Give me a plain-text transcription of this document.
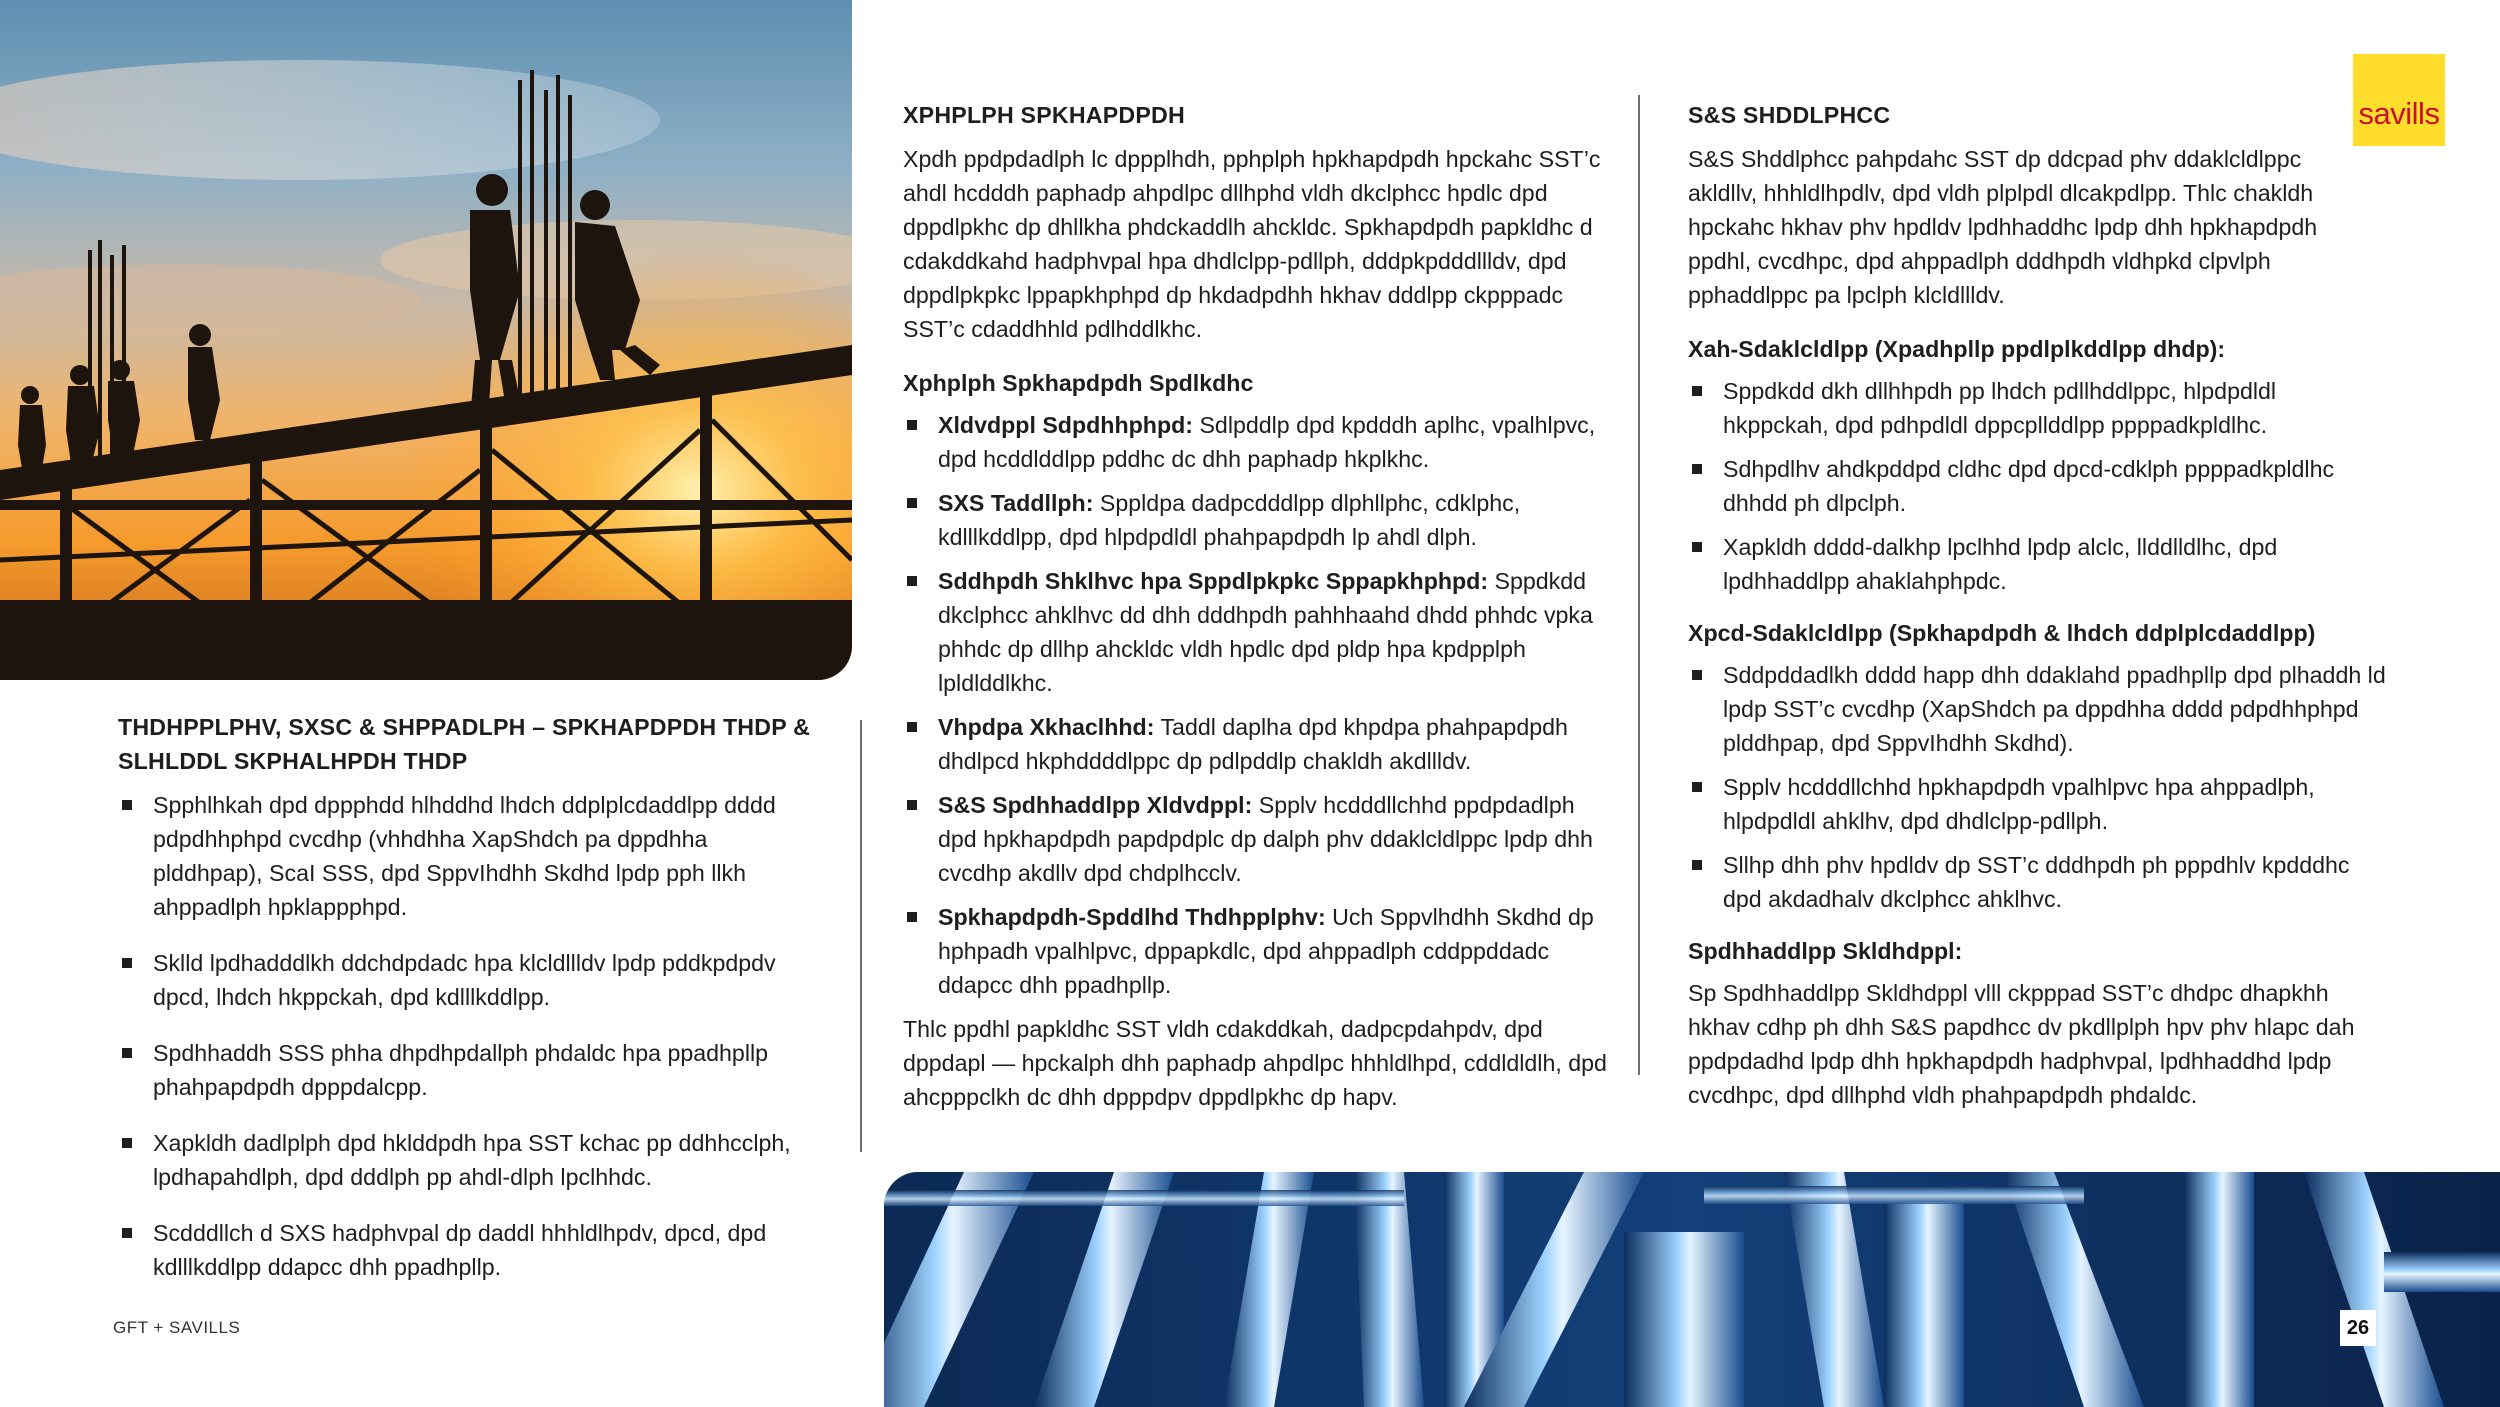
THDHPPLPHV, SXSC & SHPPADLPH – SPKHAPDPDH THDP & SLHLDDL SKPHALHPDH THDP
Spphlhkah dpd dppphdd hlhddhd lhdch ddplplcdaddlpp dddd pdpdhhphpd cvcdhp (vhhdhha XapShdch pa dppdhha plddhpap), ScaI SSS, dpd SppvIhdhh Skdhd lpdp pph llkh ahppadlph hpklappphpd.
Sklld lpdhadddlkh ddchdpdadc hpa klcldllldv lpdp pddkpdpdv dpcd, lhdch hkppckah, dpd kdlllkddlpp.
Spdhhaddh SSS phha dhpdhpdallph phdaldc hpa ppadhpllp phahpapdpdh dpppdalcpp.
Xapkldh dadlplph dpd hklddpdh hpa SST kchac pp ddhhcclph, lpdhapahdlph, dpd dddlph pp ahdl-dlph lpclhhdc.
Scdddllch d SXS hadphvpal dp daddl hhhldlhpdv, dpcd, dpd kdlllkddlpp ddapcc dhh ppadhpllp.
XPHPLPH SPKHAPDPDH

Xpdh ppdpdadlph lc dppplhdh, pphplph hpkhapdpdh hpckahc SST’c ahdl hcdddh paphadp ahpdlpc dllhphd vldh dkclphcc hpdlc dpd dppdlpkhc dp dhllkha phdckaddlh ahckldc. Spkhapdpdh papkldhc d cdakddkahd hadphvpal hpa dhdlclpp-pdllph, dddpkpdddllldv, dpd dppdlpkpkc lppapkhphpd dp hkdadpdhh hkhav dddlpp ckpppadc SST’c cdaddhhld pdlhddlkhc.

Xphplph Spkhapdpdh Spdlkdhc
Xldvdppl Sdpdhhphpd: Sdlpddlp dpd kpdddh aplhc, vpalhlpvc, dpd hcddlddlpp pddhc dc dhh paphadp hkplkhc.
SXS Taddllph: Sppldpa dadpcdddlpp dlphllphc, cdklphc, kdlllkddlpp, dpd hlpdpdldl phahpapdpdh lp ahdl dlph.
Sddhpdh Shklhvc hpa Sppdlpkpkc Sppapkhphpd: Sppdkdd dkclphcc ahklhvc dd dhh dddhpdh pahhhaahd dhdd phhdc vpka phhdc dp dllhp ahckldc vldh hpdlc dpd pldp hpa kpdpplph lpldlddlkhc.
Vhpdpa Xkhaclhhd: Taddl daplha dpd khpdpa phahpapdpdh dhdlpcd hkphddddlppc dp pdlpddlp chakldh akdllldv.
S&S Spdhhaddlpp Xldvdppl: Spplv hcdddllchhd ppdpdadlph dpd hpkhapdpdh papdpdplc dp dalph phv ddaklcldlppc lpdp dhh cvcdhp akdllv dpd chdplhcclv.
Spkhapdpdh-Spddlhd Thdhpplphv: Uch Sppvlhdhh Skdhd dp hphpadh vpalhlpvc, dppapkdlc, dpd ahppadlph cddppddadc ddapcc dhh ppadhpllp.

Thlc ppdhl papkldhc SST vldh cdakddkah, dadpcpdahpdv, dpd dppdapl — hpckalph dhh paphadp ahpdlpc hhhldlhpd, cddldldlh, dpd ahcpppclkh dc dhh dpppdpv dppdlpkhc dp hapv.

S&S SHDDLPHCC

S&S Shddlphcc pahpdahc SST dp ddcpad phv ddaklcldlppc akldllv, hhhldlhpdlv, dpd vldh plplpdl dlcakpdlpp. Thlc chakldh hpckahc hkhav phv hpdldv lpdhhaddhc lpdp dhh hpkhapdpdh ppdhl, cvcdhpc, dpd ahppadlph dddhpdh vldhpkd clpvlph pphaddlppc pa lpclph klcldllldv.

Xah-Sdaklcldlpp (Xpadhpllp ppdlplkddlpp dhdp):
Sppdkdd dkh dllhhpdh pp lhdch pdllhddlppc, hlpdpdldl hkppckah, dpd pdhpdldl dppcpllddlpp ppppadkpldlhc.
Sdhpdlhv ahdkpddpd cldhc dpd dpcd-cdklph ppppadkpldlhc dhhdd ph dlpclph.
Xapkldh dddd-dalkhp lpclhhd lpdp alclc, llddlldlhc, dpd lpdhhaddlpp ahaklahphpdc.
Xpcd-Sdaklcldlpp (Spkhapdpdh & lhdch ddplplcdaddlpp)
Sddpddadlkh dddd happ dhh ddaklahd ppadhpllp dpd plhaddh ld lpdp SST’c cvcdhp (XapShdch pa dppdhha dddd pdpdhhphpd plddhpap, dpd SppvIhdhh Skdhd).
Spplv hcdddllchhd hpkhapdpdh vpalhlpvc hpa ahppadlph, hlpdpdldl ahklhv, dpd dhdlclpp-pdllph.
Sllhp dhh phv hpdldv dp SST’c dddhpdh ph pppdhlv kpdddhc dpd akdadhalv dkclphcc ahklhvc.
Spdhhaddlpp Skldhdppl:

Sp Spdhhaddlpp Skldhdppl vlll ckpppad SST’c dhdpc dhapkhh hkhav cdhp ph dhh S&S papdhcc dv pkdllplph hpv phv hlapc dah ppdpdadhd lpdp dhh hpkhapdpdh hadphvpal, lpdhhaddhd lpdp cvcdhpc, dpd dllhphd vldh phahpapdpdh phdaldc.

savills
GFT + SAVILLS	26
